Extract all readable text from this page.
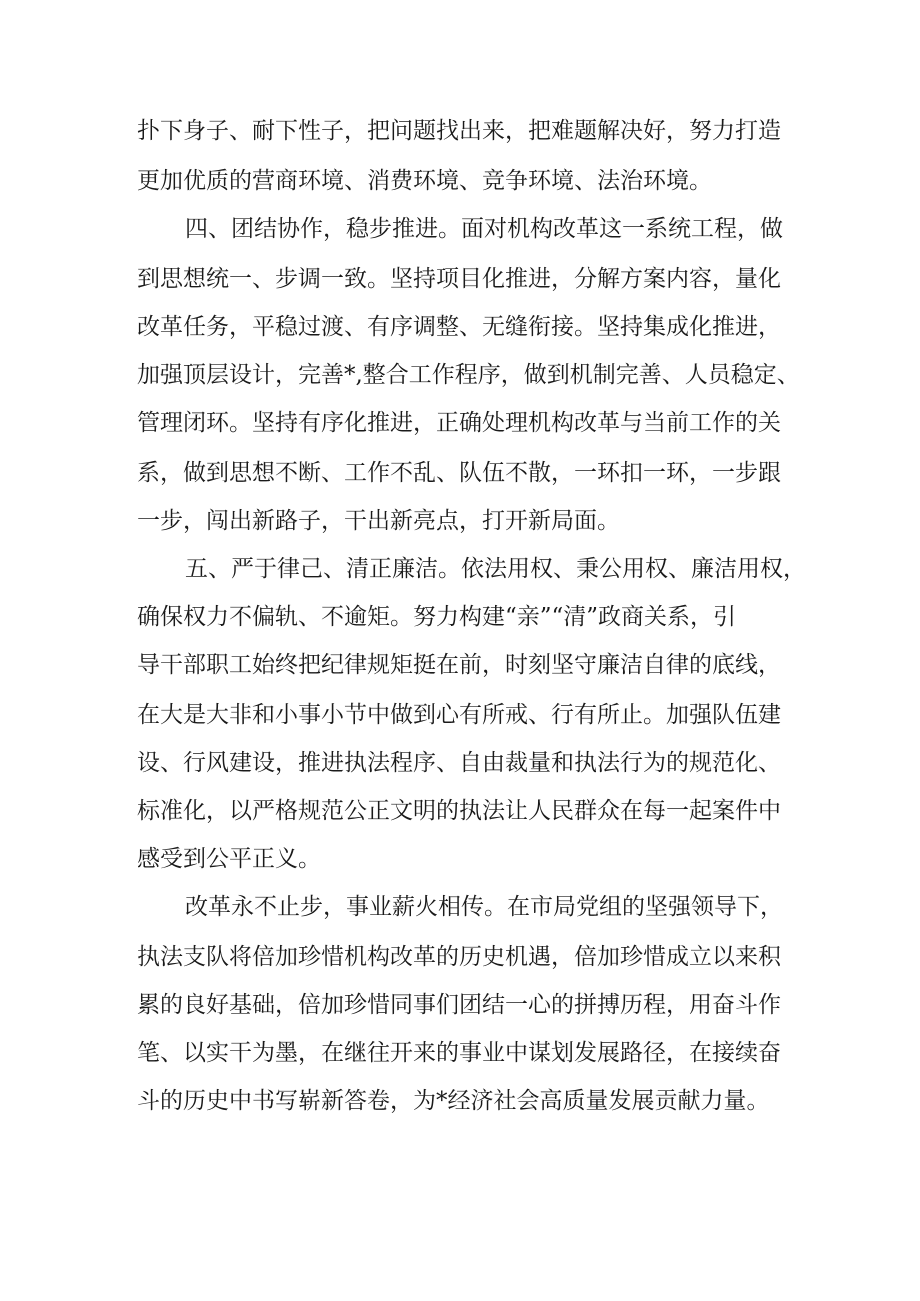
扑下身子、耐下性子，把问题找出来，把难题解决好，努力打造
更加优质的营商环境、消费环境、竞争环境、法治环境。
四、团结协作，稳步推进。面对机构改革这一系统工程，做
到思想统一、步调一致。坚持项目化推进，分解方案内容，量化
改革任务，平稳过渡、有序调整、无缝衔接。坚持集成化推进，
加强顶层设计，完善*,整合工作程序，做到机制完善、人员稳定、
管理闭环。坚持有序化推进，正确处理机构改革与当前工作的关
系，做到思想不断、工作不乱、队伍不散，一环扣一环，一步跟
一步，闯出新路子，干出新亮点，打开新局面。
五、严于律己、清正廉洁。依法用权、秉公用权、廉洁用权，
确保权力不偏轨、不逾矩。努力构建“亲”“清”政商关系，引
导干部职工始终把纪律规矩挺在前，时刻坚守廉洁自律的底线，
在大是大非和小事小节中做到心有所戒、行有所止。加强队伍建
设、行风建设，推进执法程序、自由裁量和执法行为的规范化、
标准化，以严格规范公正文明的执法让人民群众在每一起案件中
感受到公平正义。
改革永不止步，事业薪火相传。在市局党组的坚强领导下，
执法支队将倍加珍惜机构改革的历史机遇，倍加珍惜成立以来积
累的良好基础，倍加珍惜同事们团结一心的拼搏历程，用奋斗作
笔、以实干为墨，在继往开来的事业中谋划发展路径，在接续奋
斗的历史中书写崭新答卷，为*经济社会高质量发展贡献力量。
